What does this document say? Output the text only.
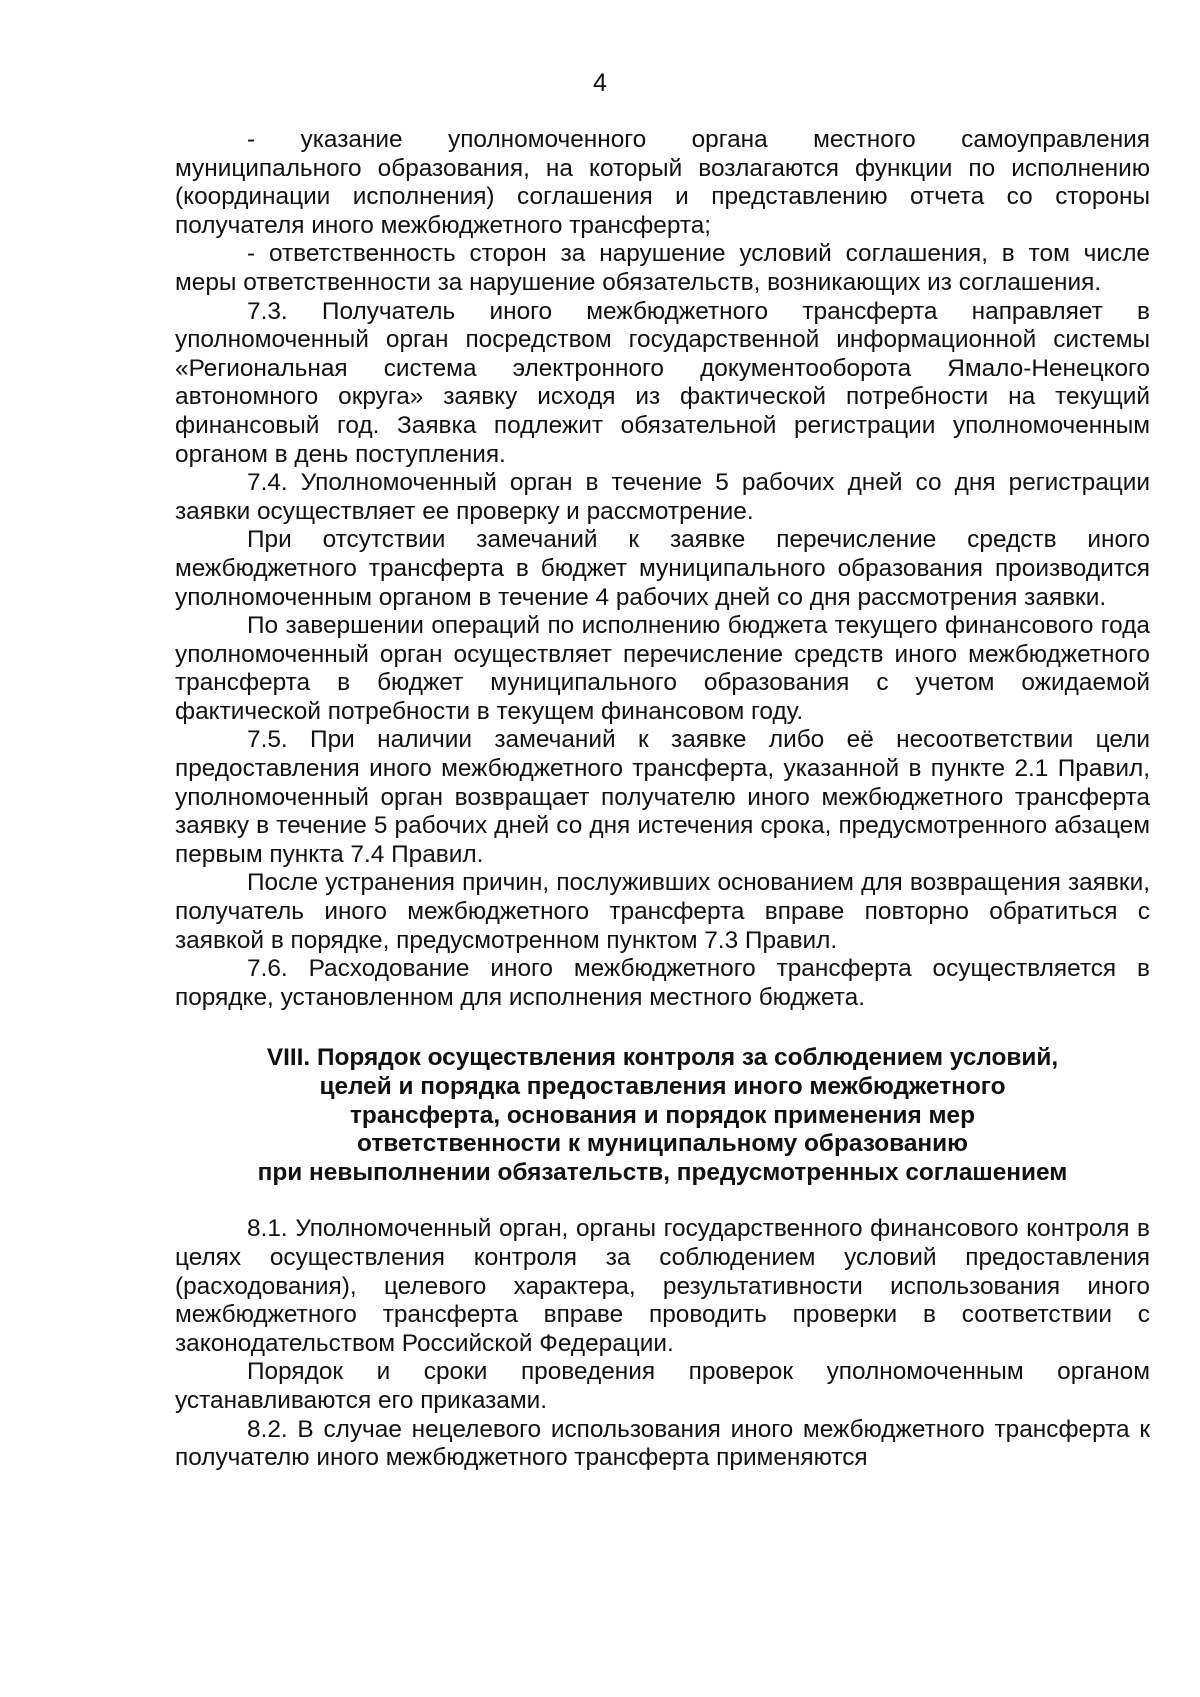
4

- указание уполномоченного органа местного самоуправления муниципального образования, на который возлагаются функции по исполнению (координации исполнения) соглашения и представлению отчета со стороны получателя иного межбюджетного трансферта;

- ответственность сторон за нарушение условий соглашения, в том числе меры ответственности за нарушение обязательств, возникающих из соглашения.

7.3. Получатель иного межбюджетного трансферта направляет в уполномоченный орган посредством государственной информационной системы «Региональная система электронного документооборота Ямало-Ненецкого автономного округа» заявку исходя из фактической потребности на текущий финансовый год. Заявка подлежит обязательной регистрации уполномоченным органом в день поступления.

7.4. Уполномоченный орган в течение 5 рабочих дней со дня регистрации заявки осуществляет ее проверку и рассмотрение.

При отсутствии замечаний к заявке перечисление средств иного межбюджетного трансферта в бюджет муниципального образования производится уполномоченным органом в течение 4 рабочих дней со дня рассмотрения заявки.

По завершении операций по исполнению бюджета текущего финансового года уполномоченный орган осуществляет перечисление средств иного межбюджетного трансферта в бюджет муниципального образования с учетом ожидаемой фактической потребности в текущем финансовом году.

7.5. При наличии замечаний к заявке либо её несоответствии цели предоставления иного межбюджетного трансферта, указанной в пункте 2.1 Правил, уполномоченный орган возвращает получателю иного межбюджетного трансферта заявку в течение 5 рабочих дней со дня истечения срока, предусмотренного абзацем первым пункта 7.4 Правил.

После устранения причин, послуживших основанием для возвращения заявки, получатель иного межбюджетного трансферта вправе повторно обратиться с заявкой в порядке, предусмотренном пунктом 7.3 Правил.

7.6. Расходование иного межбюджетного трансферта осуществляется в порядке, установленном для исполнения местного бюджета.

VIII. Порядок осуществления контроля за соблюдением условий,
целей и порядка предоставления иного межбюджетного
трансферта, основания и порядок применения мер
ответственности к муниципальному образованию
при невыполнении обязательств, предусмотренных соглашением

8.1. Уполномоченный орган, органы государственного финансового контроля в целях осуществления контроля за соблюдением условий предоставления (расходования), целевого характера, результативности использования иного межбюджетного трансферта вправе проводить проверки в соответствии с законодательством Российской Федерации.

Порядок и сроки проведения проверок уполномоченным органом устанавливаются его приказами.

8.2. В случае нецелевого использования иного межбюджетного трансферта к получателю иного межбюджетного трансферта применяются
